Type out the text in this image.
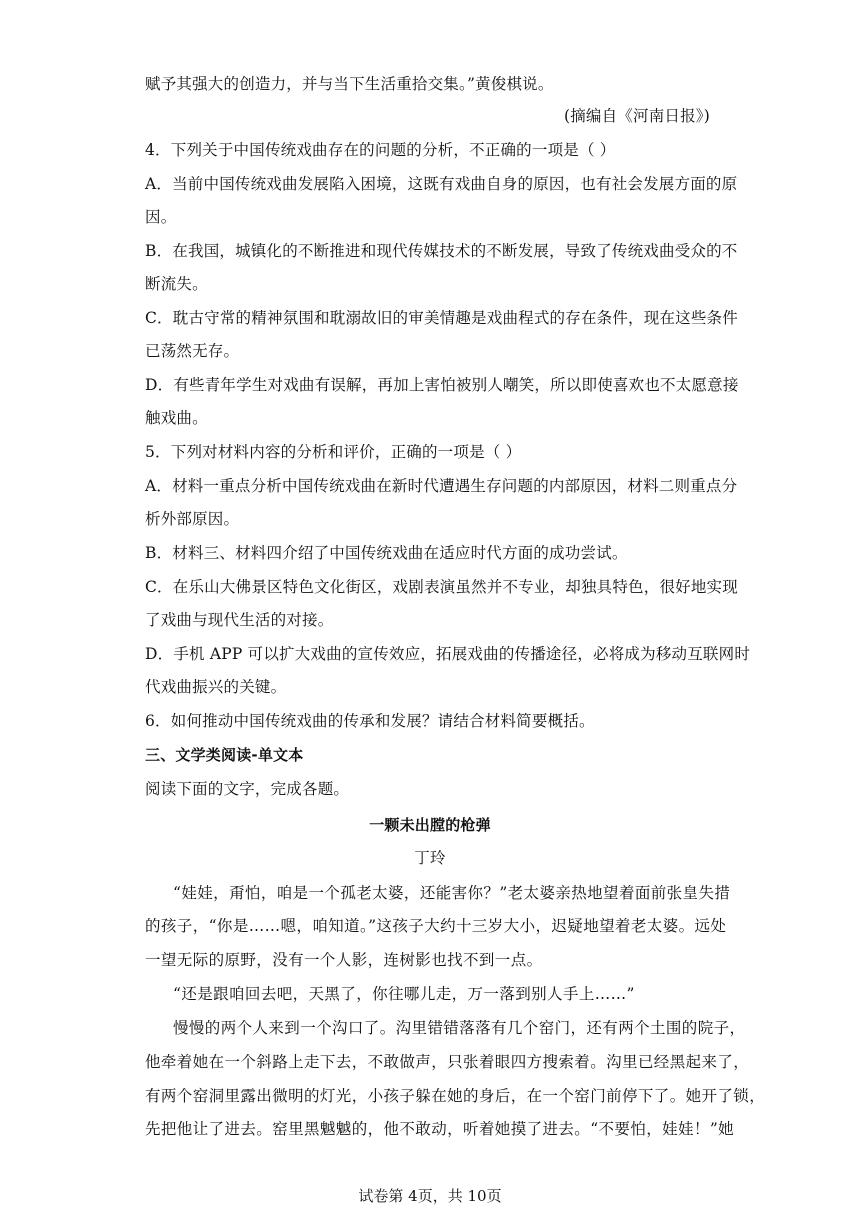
赋予其强大的创造力，并与当下生活重拾交集。”黄俊棋说。
(摘编自《河南日报》)
4．下列关于中国传统戏曲存在的问题的分析，不正确的一项是（ ）
A．当前中国传统戏曲发展陷入困境，这既有戏曲自身的原因，也有社会发展方面的原
因。
B．在我国，城镇化的不断推进和现代传媒技术的不断发展，导致了传统戏曲受众的不
断流失。
C．耽古守常的精神氛围和耽溺故旧的审美情趣是戏曲程式的存在条件，现在这些条件
已荡然无存。
D．有些青年学生对戏曲有误解，再加上害怕被别人嘲笑，所以即使喜欢也不太愿意接
触戏曲。
5．下列对材料内容的分析和评价，正确的一项是（ ）
A．材料一重点分析中国传统戏曲在新时代遭遇生存问题的内部原因，材料二则重点分
析外部原因。
B．材料三、材料四介绍了中国传统戏曲在适应时代方面的成功尝试。
C．在乐山大佛景区特色文化街区，戏剧表演虽然并不专业，却独具特色，很好地实现
了戏曲与现代生活的对接。
D．手机 APP 可以扩大戏曲的宣传效应，拓展戏曲的传播途径，必将成为移动互联网时
代戏曲振兴的关键。
6．如何推动中国传统戏曲的传承和发展？请结合材料简要概括。
三、文学类阅读-单文本
阅读下面的文字，完成各题。
一颗未出膛的枪弹
丁玲
“娃娃，甭怕，咱是一个孤老太婆，还能害你？”老太婆亲热地望着面前张皇失措
的孩子，“你是……嗯，咱知道。”这孩子大约十三岁大小，迟疑地望着老太婆。远处
一望无际的原野，没有一个人影，连树影也找不到一点。
“还是跟咱回去吧，天黑了，你往哪儿走，万一落到别人手上……”
慢慢的两个人来到一个沟口了。沟里错错落落有几个窑门，还有两个土围的院子，
他牵着她在一个斜路上走下去，不敢做声，只张着眼四方搜索着。沟里已经黑起来了，
有两个窑洞里露出微明的灯光，小孩子躲在她的身后，在一个窑门前停下了。她开了锁，
先把他让了进去。窑里黑魆魆的，他不敢动，听着她摸了进去。“不要怕，娃娃！”她
试卷第 4页，共 10页
